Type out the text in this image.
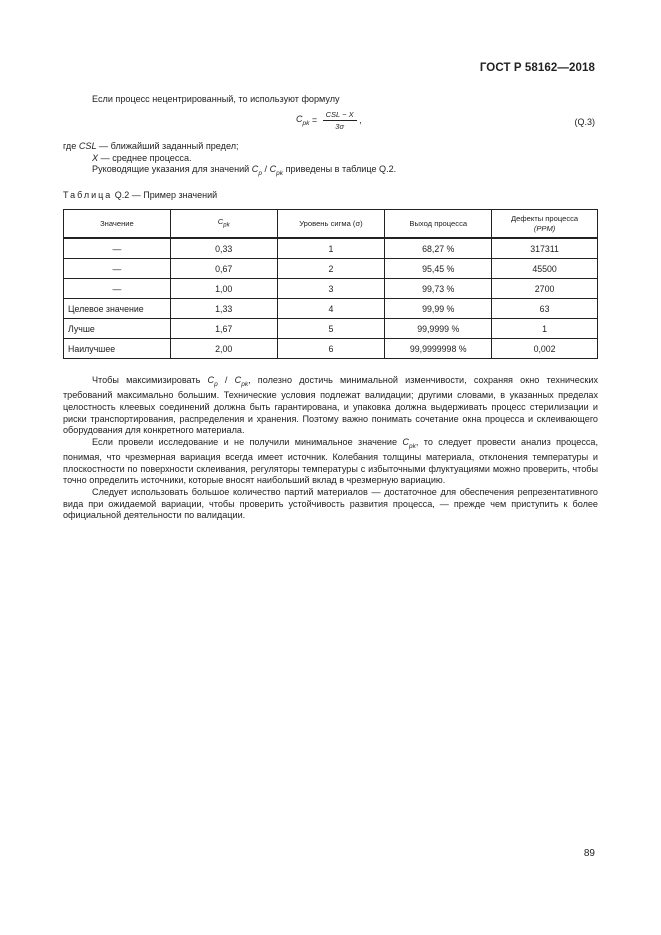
ГОСТ Р 58162—2018
Если процесс нецентрированный, то используют формулу
$C_{pk} = \frac{\text{CSL − X}}{3\sigma}$ ,	(Q.3)
где CSL — ближайший заданный предел;
X — среднее процесса.
Руководящие указания для значений $C_p / C_{pk}$ приведены в таблице Q.2.
Таблица Q.2 — Пример значений
Значение	$C_{pk}$	Уровень сигма (σ)	Выход процесса	Дефекты процесса
(PPM)
—	0,33	1	68,27 %	317311
—	0,67	2	95,45 %	45500
—	1,00	3	99,73 %	2700
Целевое значение	1,33	4	99,99 %	63
Лучше	1,67	5	99,9999 %	1
Наилучшее	2,00	6	99,9999998 %	0,002

Чтобы максимизировать $C_p / C_{pk}$, полезно достичь минимальной изменчивости, сохраняя окно технических требований максимально большим. Технические условия подлежат валидации; другими словами, в указанных пределах целостность клеевых соединений должна быть гарантирована, и упаковка должна выдерживать процесс стерилизации и риски транспортирования, распределения и хранения. Поэтому важно понимать сочетание окна процесса и склеивающего оборудования для конкретного материала.

Если провели исследование и не получили минимальное значение $C_{pk}$, то следует провести анализ процесса, понимая, что чрезмерная вариация всегда имеет источник. Колебания толщины материала, отклонения температуры и плоскостности по поверхности склеивания, регуляторы температуры с избыточными флуктуациями можно проверить, чтобы точно определить источники, которые вносят наибольший вклад в чрезмерную вариацию.

Следует использовать большое количество партий материалов — достаточное для обеспечения репрезентативного вида при ожидаемой вариации, чтобы проверить устойчивость развития процесса, — прежде чем приступить к более официальной деятельности по валидации.

89
